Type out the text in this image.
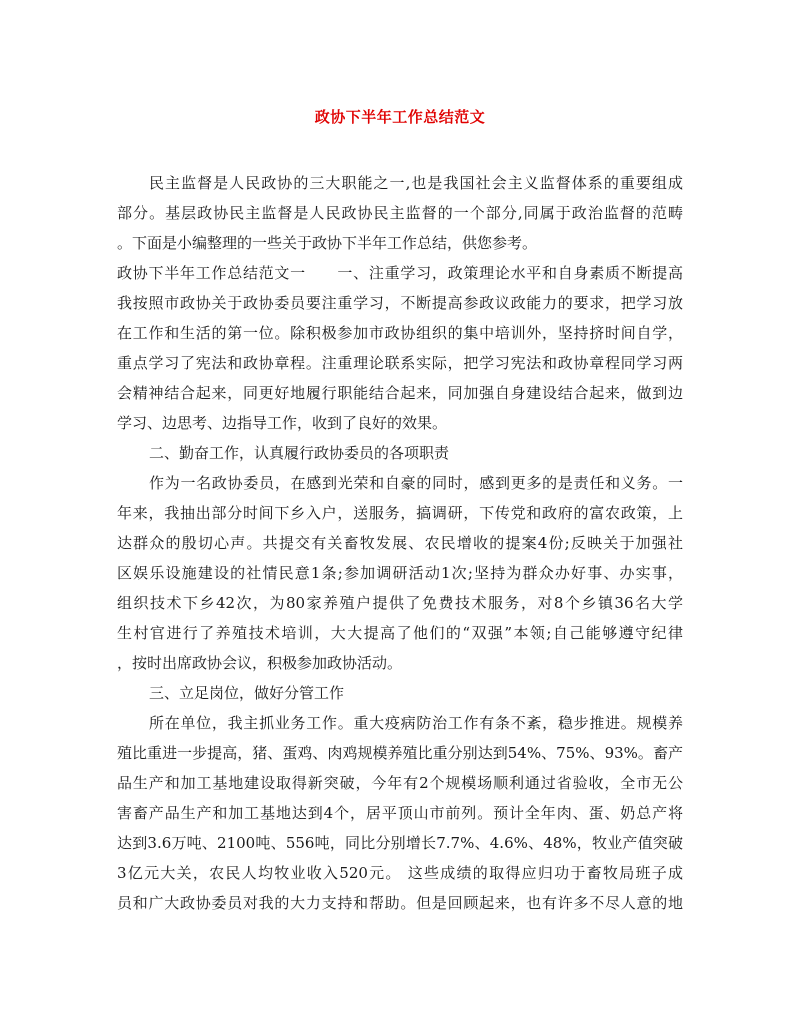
政协下半年工作总结范文
民主监督是人民政协的三大职能之一,也是我国社会主义监督体系的重要组成
部分。基层政协民主监督是人民政协民主监督的一个部分,同属于政治监督的范畴
。下面是小编整理的一些关于政协下半年工作总结，供您参考。
政协下半年工作总结范文一　　一、注重学习，政策理论水平和自身素质不断提高
我按照市政协关于政协委员要注重学习，不断提高参政议政能力的要求，把学习放
在工作和生活的第一位。除积极参加市政协组织的集中培训外，坚持挤时间自学，
重点学习了宪法和政协章程。注重理论联系实际，把学习宪法和政协章程同学习两
会精神结合起来，同更好地履行职能结合起来，同加强自身建设结合起来，做到边
学习、边思考、边指导工作，收到了良好的效果。
二、勤奋工作，认真履行政协委员的各项职责
作为一名政协委员，在感到光荣和自豪的同时，感到更多的是责任和义务。一
年来，我抽出部分时间下乡入户，送服务，搞调研，下传党和政府的富农政策，上
达群众的殷切心声。共提交有关畜牧发展、农民增收的提案4份;反映关于加强社
区娱乐设施建设的社情民意1条;参加调研活动1次;坚持为群众办好事、办实事，
组织技术下乡42次，为80家养殖户提供了免费技术服务，对8个乡镇36名大学
生村官进行了养殖技术培训，大大提高了他们的“双强”本领;自己能够遵守纪律
，按时出席政协会议，积极参加政协活动。
三、立足岗位，做好分管工作
所在单位，我主抓业务工作。重大疫病防治工作有条不紊，稳步推进。规模养
殖比重进一步提高，猪、蛋鸡、肉鸡规模养殖比重分别达到54%、75%、93%。畜产
品生产和加工基地建设取得新突破，今年有2个规模场顺利通过省验收，全市无公
害畜产品生产和加工基地达到4个，居平顶山市前列。预计全年肉、蛋、奶总产将
达到3.6万吨、2100吨、556吨，同比分别增长7.7%、4.6%、48%，牧业产值突破
3亿元大关，农民人均牧业收入520元。 这些成绩的取得应归功于畜牧局班子成
员和广大政协委员对我的大力支持和帮助。但是回顾起来，也有许多不尽人意的地
